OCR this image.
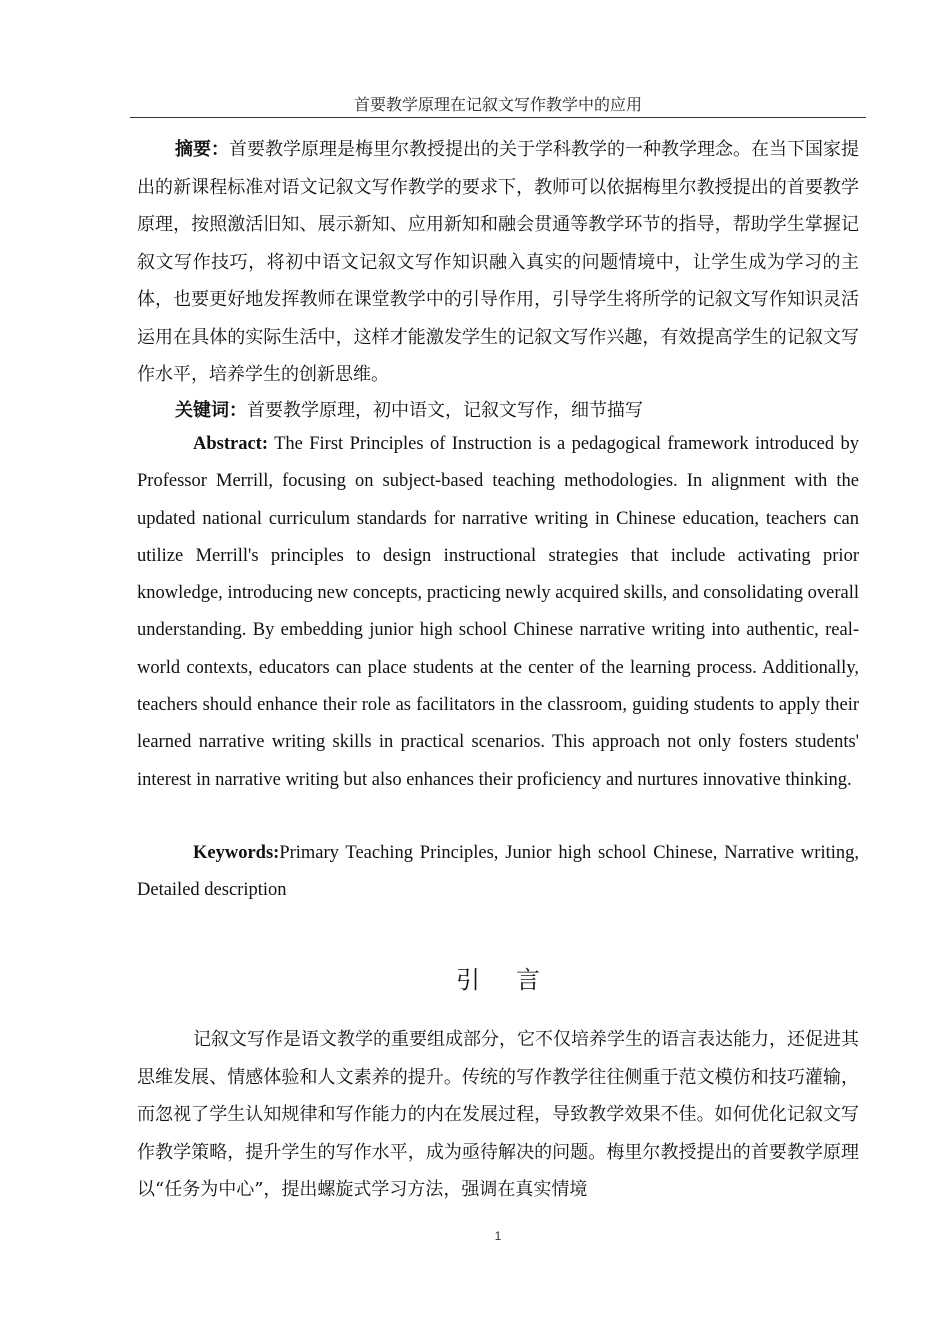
首要教学原理在记叙文写作教学中的应用
摘要：首要教学原理是梅里尔教授提出的关于学科教学的一种教学理念。在当下国家提出的新课程标准对语文记叙文写作教学的要求下，教师可以依据梅里尔教授提出的首要教学原理，按照激活旧知、展示新知、应用新知和融会贯通等教学环节的指导，帮助学生掌握记叙文写作技巧，将初中语文记叙文写作知识融入真实的问题情境中，让学生成为学习的主体，也要更好地发挥教师在课堂教学中的引导作用，引导学生将所学的记叙文写作知识灵活运用在具体的实际生活中，这样才能激发学生的记叙文写作兴趣，有效提高学生的记叙文写作水平，培养学生的创新思维。
关键词：首要教学原理，初中语文，记叙文写作，细节描写
Abstract: The First Principles of Instruction is a pedagogical framework introduced by Professor Merrill, focusing on subject-based teaching methodologies. In alignment with the updated national curriculum standards for narrative writing in Chinese education, teachers can utilize Merrill's principles to design instructional strategies that include activating prior knowledge, introducing new concepts, practicing newly acquired skills, and consolidating overall understanding. By embedding junior high school Chinese narrative writing into authentic, real-world contexts, educators can place students at the center of the learning process. Additionally, teachers should enhance their role as facilitators in the classroom, guiding students to apply their learned narrative writing skills in practical scenarios. This approach not only fosters students' interest in narrative writing but also enhances their proficiency and nurtures innovative thinking.
Keywords:Primary Teaching Principles, Junior high school Chinese, Narrative writing, Detailed description
引言
记叙文写作是语文教学的重要组成部分，它不仅培养学生的语言表达能力，还促进其思维发展、情感体验和人文素养的提升。传统的写作教学往往侧重于范文模仿和技巧灌输，而忽视了学生认知规律和写作能力的内在发展过程，导致教学效果不佳。如何优化记叙文写作教学策略，提升学生的写作水平，成为亟待解决的问题。梅里尔教授提出的首要教学原理以“任务为中心”，提出螺旋式学习方法，强调在真实情境
1
